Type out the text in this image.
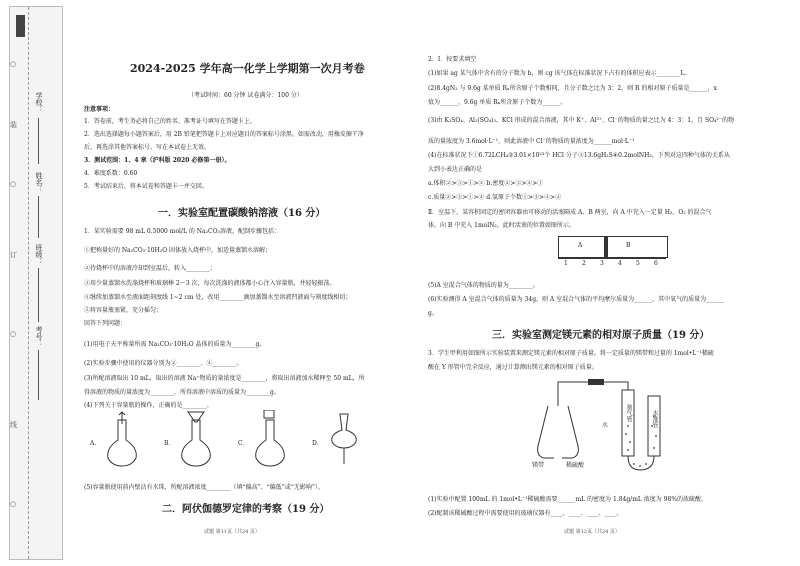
学校：
姓名：
班级：
考号：
○
装
○
订
○
线
○
2024-2025 学年高一化学上学期第一次月考卷
（考试时间：60 分钟 试卷满分：100 分）
注意事项：
1．答卷前，考生务必将自己的姓名、准考证号填写在答题卡上。
2．选出选择题每小题答案后，用 2B 铅笔把答题卡上对应题目的答案标号涂黑。如需改动，用橡皮擦干净
后，再选涂其他答案标号。写在本试卷上无效。
3．测试范围：1、4 章（沪科版 2020 必修第一册）。
4．难度系数：0.60
5．考试结束后，将本试卷和答题卡一并交回。
一．实验室配置碳酸钠溶液（16 分）
1．某实验需要 98 mL 0.5000 mol/L 的 Na₂CO₃溶液，配制步骤包括：
①把称量好的 Na₂CO₃·10H₂O 固体放入烧杯中，加适量蒸馏水溶解；
②待烧杯中的溶液冷却到室温后，转入________；
③用少量蒸馏水洗涤烧杯和玻璃棒 2～3 次，每次洗涤的液体都小心注入容量瓶，并轻轻振荡。
④继续加蒸馏水至液面距刻度线 1~2 cm 处，改用________滴加蒸馏水至溶液凹液面与刻度线相切；
⑤将容量瓶塞紧，充分摇匀；
回答下列问题：
(1)用电子天平称量所需 Na₂CO₃·10H₂O 晶体的质量为________g。
(2)实验步骤中使用的仪器分别为②________、④________。
(3)所配溶液取出 10 mL，取出的溶液 Na⁺物质的量浓度是________，将取出溶液加水稀释至 50 mL，所
得溶液的物质的量浓度为________，所得溶液中溶质的质量为________g。
(4)下列关于容量瓶的操作，正确的是________。
A．	B．	C．	D．
(5)容量瓶使用前内壁沾有水珠，所配溶液浓度________（填“偏高”、“偏低”或“无影响”）。
二．阿伏伽德罗定律的考察（19 分）
试题 第11页（共24 页）
2．Ⅰ．按要求填空
(1)如果 ag 某气体中含有的分子数为 b，则 cg 该气体在标准状况下占有的体积应表示________L。
(2)8.4gN₂ 与 9.6g 某单质 Rₓ所含原子个数相同，且分子数之比为 3：2，则 R 的相对原子质量是______，x
值为______，9.6g 单质 Rₓ所含原子个数为______。
(3)由 K₂SO₄、Al₂(SO₄)₃、KCl 形成的混合溶液，其中 K⁺、Al³⁺、Cl⁻的物质的量之比为 4：3：1，且 SO₄²⁻的物
质的量浓度为 3.6mol·L⁻¹，则此溶液中 Cl⁻的物质的量浓度为______mol·L⁻¹
(4)在标准状况下①6.72LCH₄②3.01×10²³个 HCl 分子③13.6gH₂S④0.2molNH₃，下列对这四种气体的关系从
大到小表达正确的是
a.体积②>③>①>④ b.密度②>③>④>①
c.质量②>③>①>④ d.氢原子个数①>③>④>②
Ⅱ．室温下，某容积固定的密闭容器由可移动的活塞隔成 A、B 两室，向 A 中充入一定量 H₂、O₂ 的混合气
体，向 B 中充入 1molN₂，此时活塞的位置如图所示。
A	B
1 2 3 4 5 6
(5)A 室混合气体的物质的量为________。
(6)实验测得 A 室混合气体的质量为 34g，则 A 室混合气体的平均摩尔质量为______，其中氧气的质量为______
g。
三．实验室测定镁元素的相对原子质量（19 分）
3．学生甲利用如图所示实验装置来测定镁元素的相对原子质量。将一定质量的镁带和过量的 1mol•L⁻¹稀硫
酸在 Y 形管中完全反应，通过计算测出镁元素的相对原子质量。
水
镁带	稀硫酸
量气管	水准管
(1)实验中配置 100mL 的 1mol•L⁻¹稀硫酸需要______mL 的密度为 1.84g/mL 浓度为 98%的浓硫酸。
(2)配制该稀硫酸过程中需要使用的玻璃仪器有____、____、____、____。
试题 第12页（共24 页）
